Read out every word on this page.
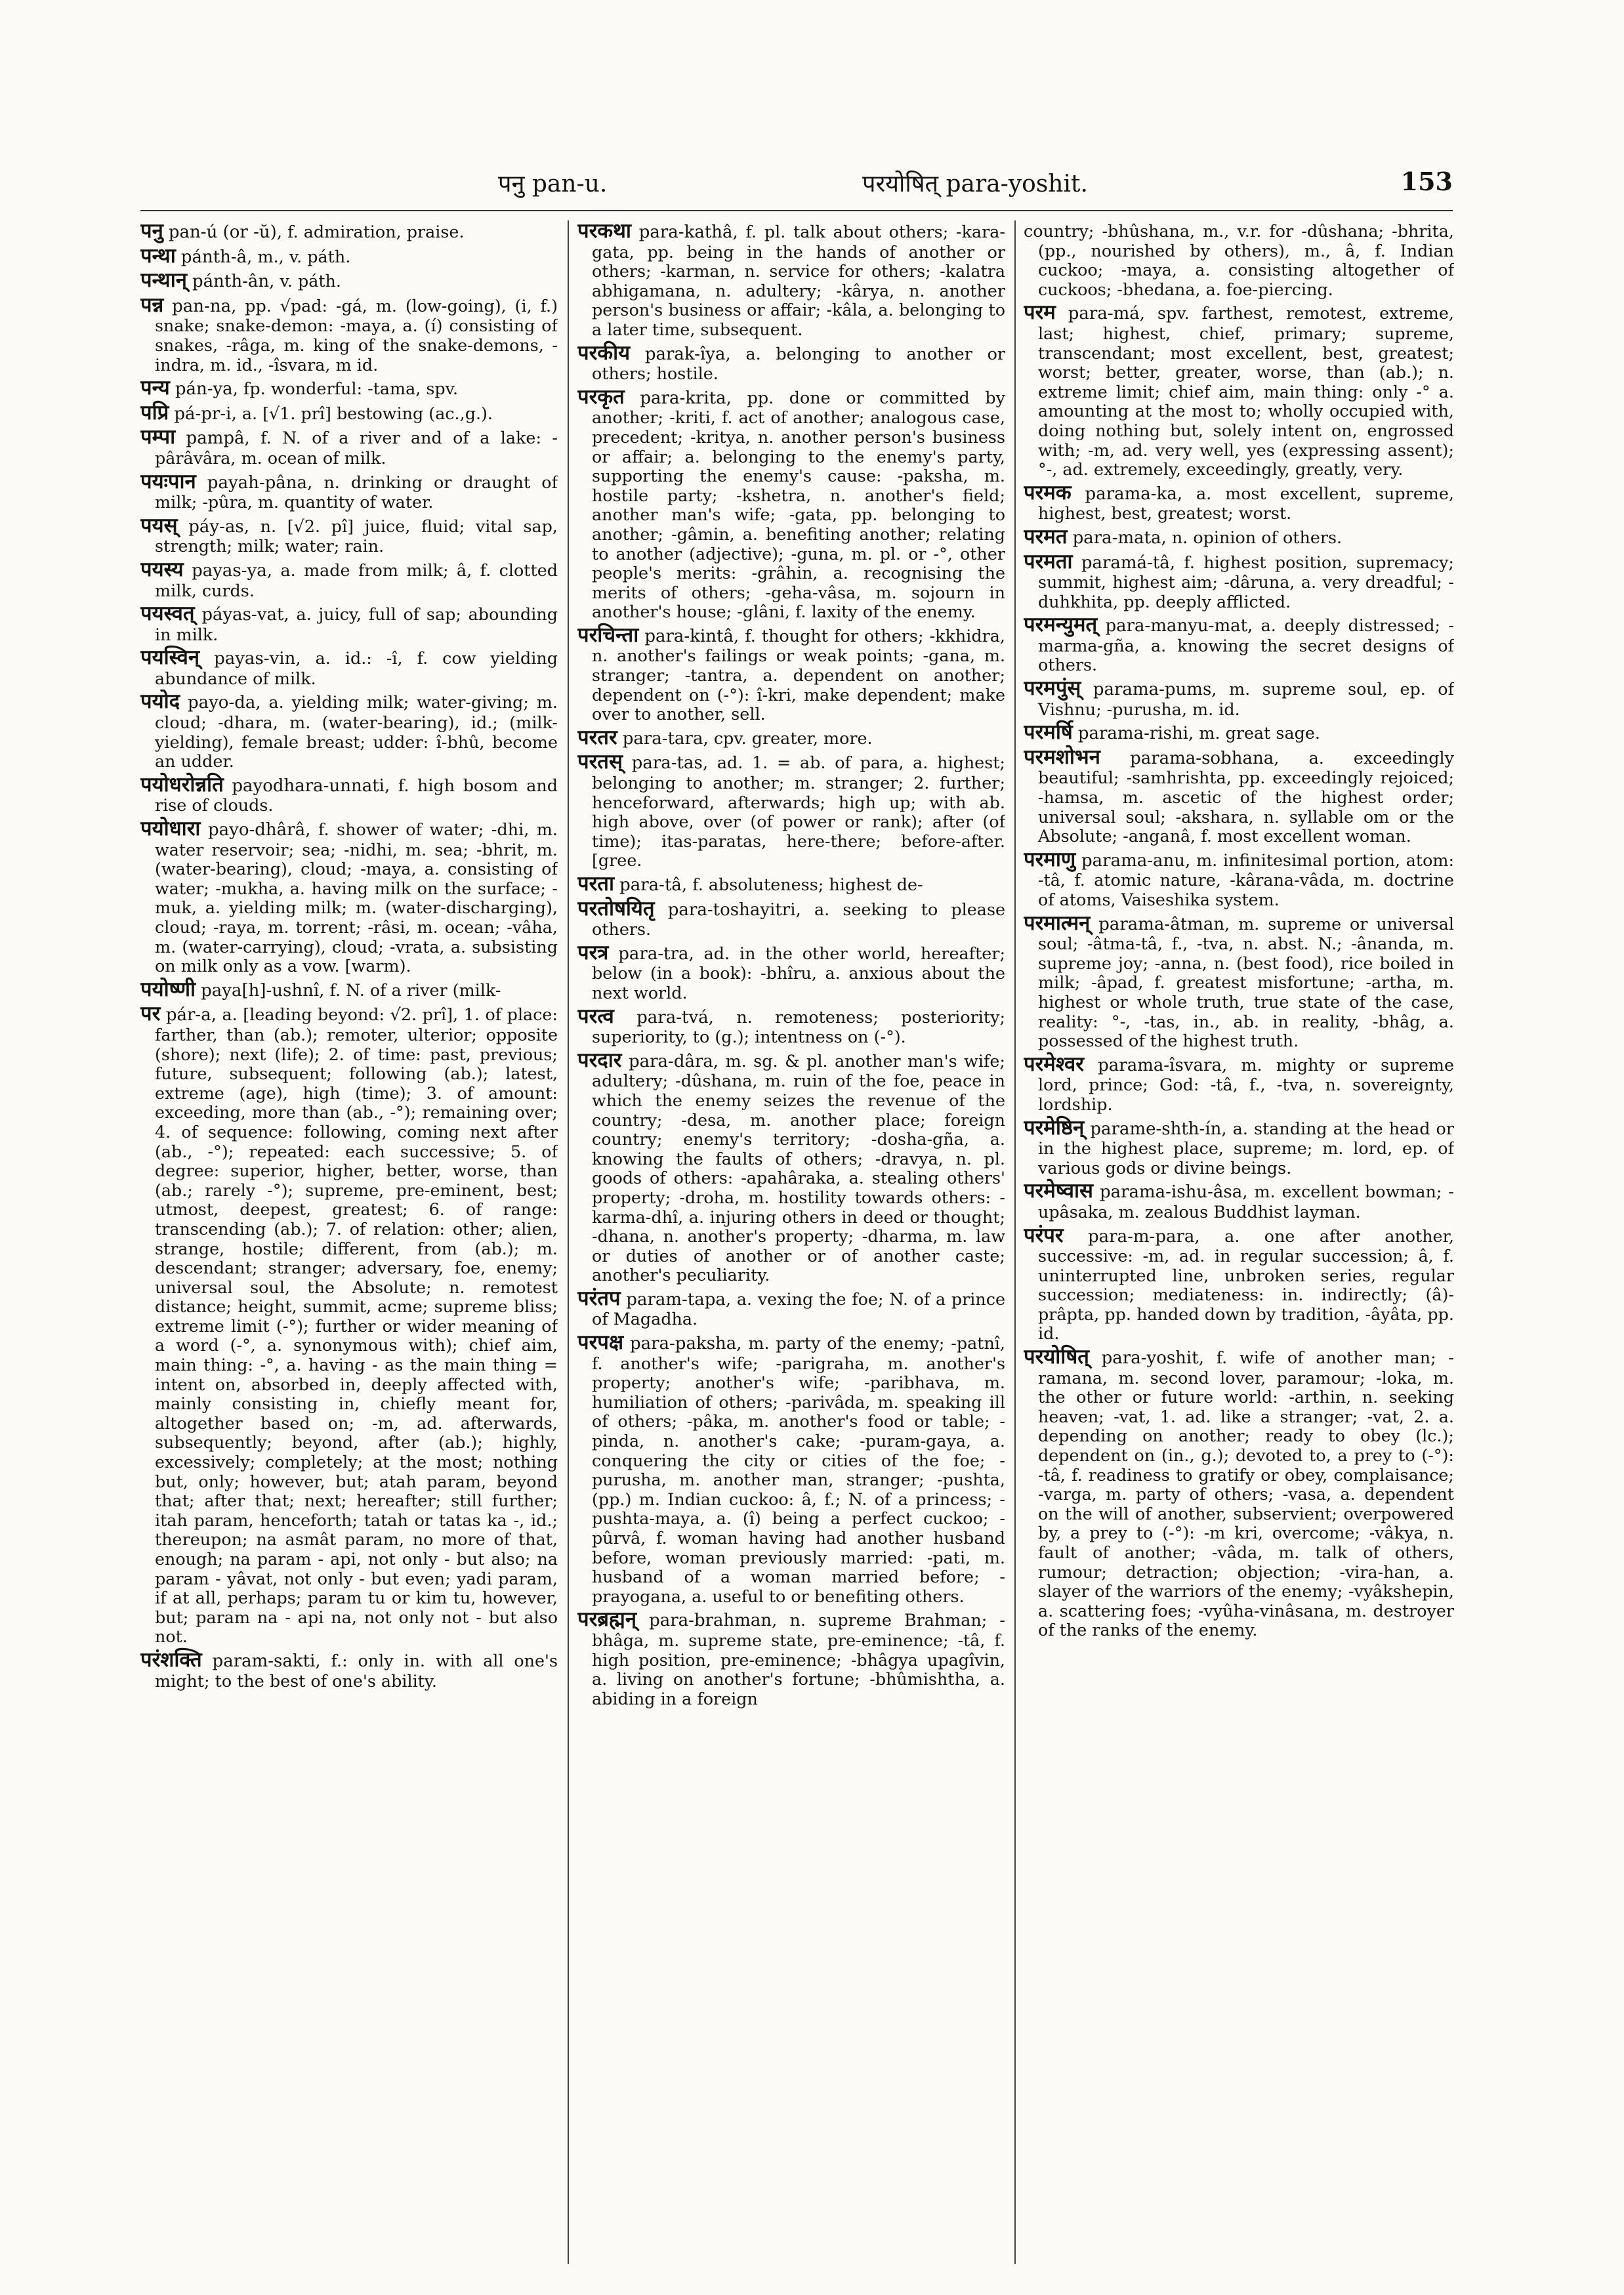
पनु pan-u.	परयोषित् para-yoshit.	153

पनु pan-ú (or -ŭ), f. admiration, praise.

पन्था pánth-â, m., v. páth.

पन्थान् pánth-ân, v. páth.

पन्न pan-na, pp. √pad: -gá, m. (low-going), (i, f.) snake; snake-demon: -maya, a. (í) consisting of snakes, -râga, m. king of the snake-demons, -indra, m. id., -îsvara, m id.

पन्य pán-ya, fp. wonderful: -tama, spv.

पप्रि pá-pr-i, a. [√1. prî] bestowing (ac.,g.).

पम्पा pampâ, f. N. of a river and of a lake: -pârâvâra, m. ocean of milk.

पयःपान payah-pâna, n. drinking or draught of milk; -pûra, m. quantity of water.

पयस् páy-as, n. [√2. pî] juice, fluid; vital sap, strength; milk; water; rain.

पयस्य payas-ya, a. made from milk; â, f. clotted milk, curds.

पयस्वत् páyas-vat, a. juicy, full of sap; abounding in milk.

पयस्विन् payas-vin, a. id.: -î, f. cow yielding abundance of milk.

पयोद payo-da, a. yielding milk; water-giving; m. cloud; -dhara, m. (water-bearing), id.; (milk-yielding), female breast; udder: î-bhû, become an udder.

पयोधरोन्नति payodhara-unnati, f. high bosom and rise of clouds.

पयोधारा payo-dhârâ, f. shower of water; -dhi, m. water reservoir; sea; -nidhi, m. sea; -bhrit, m. (water-bearing), cloud; -maya, a. consisting of water; -mukha, a. having milk on the surface; -muk, a. yielding milk; m. (water-discharging), cloud; -raya, m. torrent; -râsi, m. ocean; -vâha, m. (water-carrying), cloud; -vrata, a. subsisting on milk only as a vow. [warm).

पयोष्णी paya[h]-ushnî, f. N. of a river (milk-

पर pár-a, a. [leading beyond: √2. prî], 1. of place: farther, than (ab.); remoter, ulterior; opposite (shore); next (life); 2. of time: past, previous; future, subsequent; following (ab.); latest, extreme (age), high (time); 3. of amount: exceeding, more than (ab., -°); remaining over; 4. of sequence: following, coming next after (ab., -°); repeated: each successive; 5. of degree: superior, higher, better, worse, than (ab.; rarely -°); supreme, pre-eminent, best; utmost, deepest, greatest; 6. of range: transcending (ab.); 7. of relation: other; alien, strange, hostile; different, from (ab.); m. descendant; stranger; adversary, foe, enemy; universal soul, the Absolute; n. remotest distance; height, summit, acme; supreme bliss; extreme limit (-°); further or wider meaning of a word (-°, a. synonymous with); chief aim, main thing: -°, a. having - as the main thing = intent on, absorbed in, deeply affected with, mainly consisting in, chiefly meant for, altogether based on; -m, ad. afterwards, subsequently; beyond, after (ab.); highly, excessively; completely; at the most; nothing but, only; however, but; atah param, beyond that; after that; next; hereafter; still further; itah param, henceforth; tatah or tatas ka -, id.; thereupon; na asmât param, no more of that, enough; na param - api, not only - but also; na param - yâvat, not only - but even; yadi param, if at all, perhaps; param tu or kim tu, however, but; param na - api na, not only not - but also not.

परंशक्ति param-sakti, f.: only in. with all one's might; to the best of one's ability.

परकथा para-kathâ, f. pl. talk about others; -kara-gata, pp. being in the hands of another or others; -karman, n. service for others; -kalatra abhigamana, n. adultery; -kârya, n. another person's business or affair; -kâla, a. belonging to a later time, subsequent.

परकीय parak-îya, a. belonging to another or others; hostile.

परकृत para-krita, pp. done or committed by another; -kriti, f. act of another; analogous case, precedent; -kritya, n. another person's business or affair; a. belonging to the enemy's party, supporting the enemy's cause: -paksha, m. hostile party; -kshetra, n. another's field; another man's wife; -gata, pp. belonging to another; -gâmin, a. benefiting another; relating to another (adjective); -guna, m. pl. or -°, other people's merits: -grâhin, a. recognising the merits of others; -geha-vâsa, m. sojourn in another's house; -glâni, f. laxity of the enemy.

परचिन्ता para-kintâ, f. thought for others; -kkhidra, n. another's failings or weak points; -gana, m. stranger; -tantra, a. dependent on another; dependent on (-°): î-kri, make dependent; make over to another, sell.

परतर para-tara, cpv. greater, more.

परतस् para-tas, ad. 1. = ab. of para, a. highest; belonging to another; m. stranger; 2. further; henceforward, afterwards; high up; with ab. high above, over (of power or rank); after (of time); itas-paratas, here-there; before-after. [gree.

परता para-tâ, f. absoluteness; highest de-

परतोषयितृ para-toshayitri, a. seeking to please others.

परत्र para-tra, ad. in the other world, hereafter; below (in a book): -bhîru, a. anxious about the next world.

परत्व para-tvá, n. remoteness; posteriority; superiority, to (g.); intentness on (-°).

परदार para-dâra, m. sg. & pl. another man's wife; adultery; -dûshana, m. ruin of the foe, peace in which the enemy seizes the revenue of the country; -desa, m. another place; foreign country; enemy's territory; -dosha-gña, a. knowing the faults of others; -dravya, n. pl. goods of others: -apahâraka, a. stealing others' property; -droha, m. hostility towards others: -karma-dhî, a. injuring others in deed or thought; -dhana, n. another's property; -dharma, m. law or duties of another or of another caste; another's peculiarity.

परंतप param-tapa, a. vexing the foe; N. of a prince of Magadha.

परपक्ष para-paksha, m. party of the enemy; -patnî, f. another's wife; -parigraha, m. another's property; another's wife; -paribhava, m. humiliation of others; -parivâda, m. speaking ill of others; -pâka, m. another's food or table; -pinda, n. another's cake; -puram-gaya, a. conquering the city or cities of the foe; -purusha, m. another man, stranger; -pushta, (pp.) m. Indian cuckoo: â, f.; N. of a princess; -pushta-maya, a. (î) being a perfect cuckoo; -pûrvâ, f. woman having had another husband before, woman previously married: -pati, m. husband of a woman married before; -prayogana, a. useful to or benefiting others.

परब्रह्मन् para-brahman, n. supreme Brahman; -bhâga, m. supreme state, pre-eminence; -tâ, f. high position, pre-eminence; -bhâgya upagîvin, a. living on another's fortune; -bhûmishtha, a. abiding in a foreign

country; -bhûshana, m., v.r. for -dûshana; -bhrita, (pp., nourished by others), m., â, f. Indian cuckoo; -maya, a. consisting altogether of cuckoos; -bhedana, a. foe-piercing.

परम para-má, spv. farthest, remotest, extreme, last; highest, chief, primary; supreme, transcendant; most excellent, best, greatest; worst; better, greater, worse, than (ab.); n. extreme limit; chief aim, main thing: only -° a. amounting at the most to; wholly occupied with, doing nothing but, solely intent on, engrossed with; -m, ad. very well, yes (expressing assent); °-, ad. extremely, exceedingly, greatly, very.

परमक parama-ka, a. most excellent, supreme, highest, best, greatest; worst.

परमत para-mata, n. opinion of others.

परमता paramá-tâ, f. highest position, supremacy; summit, highest aim; -dâruna, a. very dreadful; -duhkhita, pp. deeply afflicted.

परमन्युमत् para-manyu-mat, a. deeply distressed; -marma-gña, a. knowing the secret designs of others.

परमपुंस् parama-pums, m. supreme soul, ep. of Vishnu; -purusha, m. id.

परमर्षि parama-rishi, m. great sage.

परमशोभन parama-sobhana, a. exceedingly beautiful; -samhrishta, pp. exceedingly rejoiced; -hamsa, m. ascetic of the highest order; universal soul; -akshara, n. syllable om or the Absolute; -anganâ, f. most excellent woman.

परमाणु parama-anu, m. infinitesimal portion, atom: -tâ, f. atomic nature, -kârana-vâda, m. doctrine of atoms, Vaiseshika system.

परमात्मन् parama-âtman, m. supreme or universal soul; -âtma-tâ, f., -tva, n. abst. N.; -ânanda, m. supreme joy; -anna, n. (best food), rice boiled in milk; -âpad, f. greatest misfortune; -artha, m. highest or whole truth, true state of the case, reality: °-, -tas, in., ab. in reality, -bhâg, a. possessed of the highest truth.

परमेश्वर parama-îsvara, m. mighty or supreme lord, prince; God: -tâ, f., -tva, n. sovereignty, lordship.

परमेष्ठिन् parame-shth-ín, a. standing at the head or in the highest place, supreme; m. lord, ep. of various gods or divine beings.

परमेष्वास parama-ishu-âsa, m. excellent bowman; -upâsaka, m. zealous Buddhist layman.

परंपर para-m-para, a. one after another, successive: -m, ad. in regular succession; â, f. uninterrupted line, unbroken series, regular succession; mediateness: in. indirectly; (â)-prâpta, pp. handed down by tradition, -âyâta, pp. id.

परयोषित् para-yoshit, f. wife of another man; -ramana, m. second lover, paramour; -loka, m. the other or future world: -arthin, n. seeking heaven; -vat, 1. ad. like a stranger; -vat, 2. a. depending on another; ready to obey (lc.); dependent on (in., g.); devoted to, a prey to (-°): -tâ, f. readiness to gratify or obey, complaisance; -varga, m. party of others; -vasa, a. dependent on the will of another, subservient; overpowered by, a prey to (-°): -m kri, overcome; -vâkya, n. fault of another; -vâda, m. talk of others, rumour; detraction; objection; -vira-han, a. slayer of the warriors of the enemy; -vyâkshepin, a. scattering foes; -vyûha-vinâsana, m. destroyer of the ranks of the enemy.
